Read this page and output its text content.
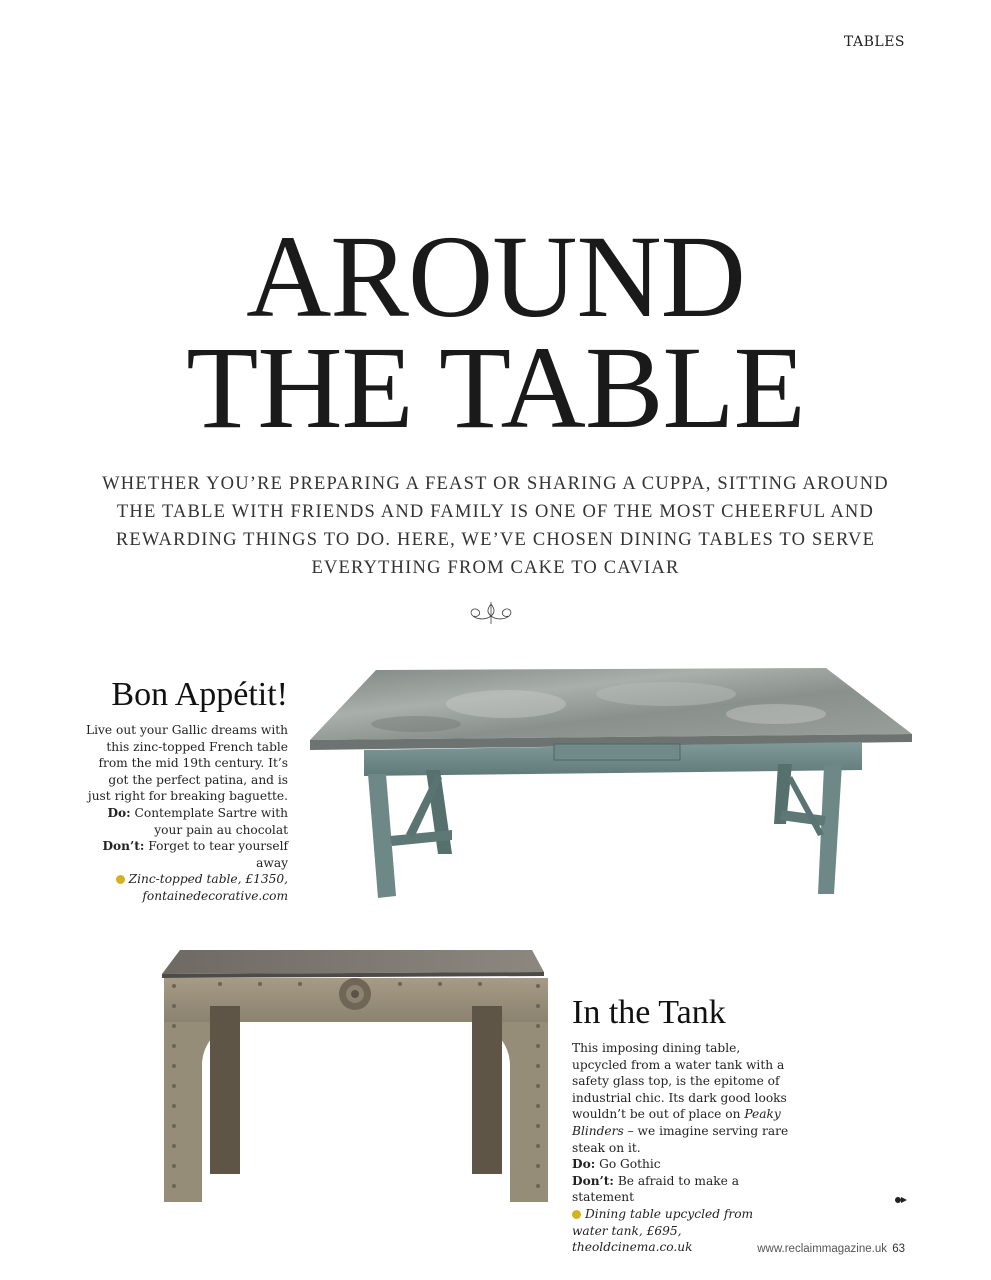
TABLES
AROUND
THE TABLE

WHETHER YOU’RE PREPARING A FEAST OR SHARING A CUPPA, SITTING AROUND THE TABLE WITH FRIENDS AND FAMILY IS ONE OF THE MOST CHEERFUL AND REWARDING THINGS TO DO. HERE, WE’VE CHOSEN DINING TABLES TO SERVE EVERYTHING FROM CAKE TO CAVIAR

Bon Appétit!

Live out your Gallic dreams with this zinc-topped French table from the mid 19th century. It’s got the perfect patina, and is just right for breaking baguette.

Do: Contemplate Sartre with your pain au chocolat

Don’t: Forget to tear yourself away

Zinc-topped table, £1350, fontainedecorative.com

In the Tank

This imposing dining table, upcycled from a water tank with a safety glass top, is the epitome of industrial chic. Its dark good looks wouldn’t be out of place on Peaky Blinders – we imagine serving rare steak on it.

Do: Go Gothic

Don’t: Be afraid to make a statement

Dining table upcycled from water tank, £695, theoldcinema.co.uk	www.reclaimmagazine.uk 63
